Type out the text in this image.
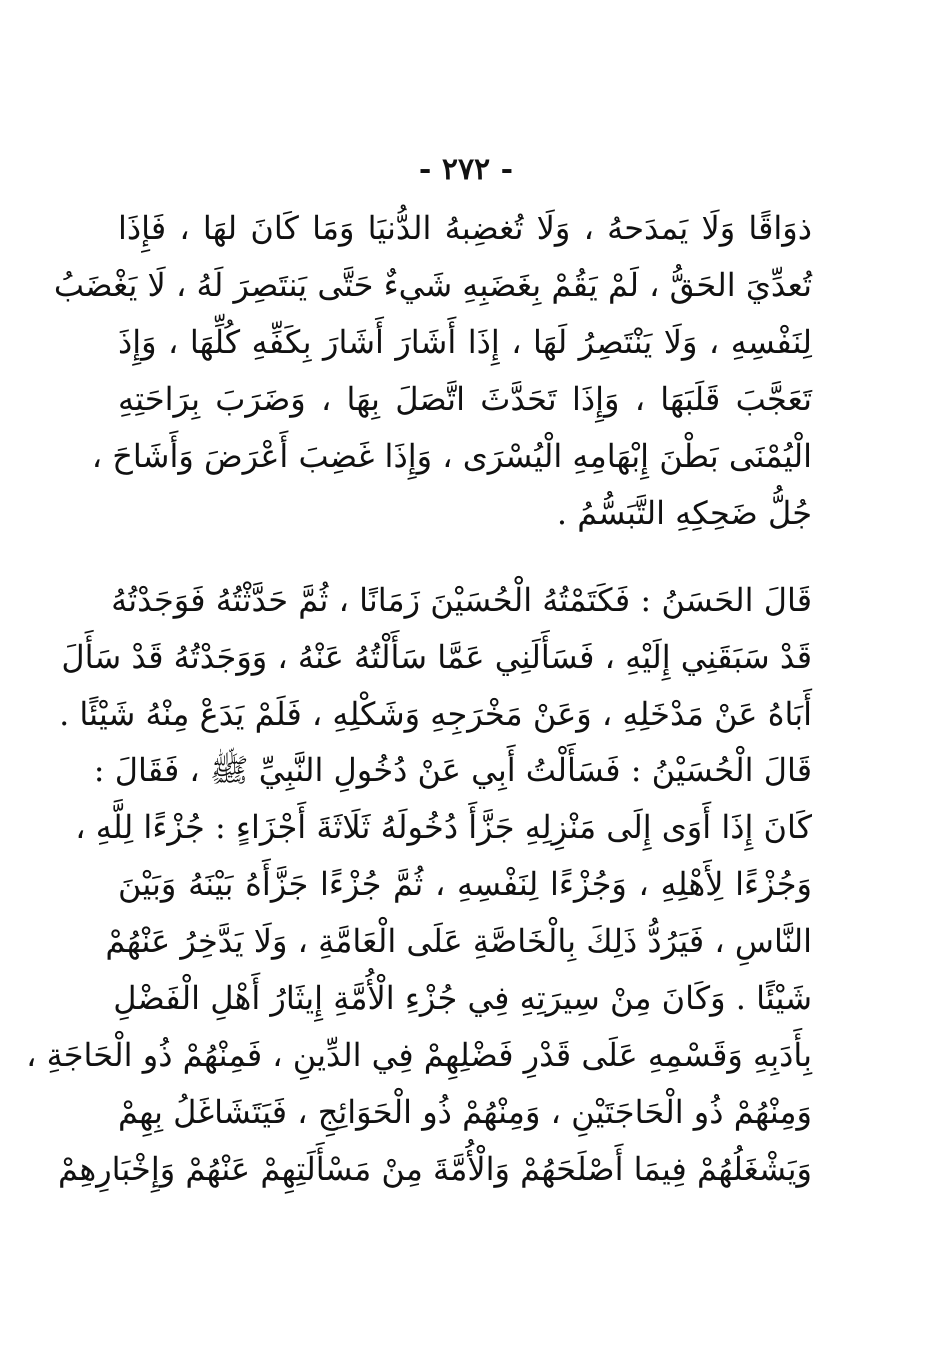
- ٢٧٢ -
ذوَاقًا وَلَا يَمدَحهُ ، وَلَا تُغضِبهُ الدُّنيَا وَمَا كَانَ لهَا ، فَإِذَا
تُعدِّيَ الحَقُّ ، لَمْ يَقُمْ بِغَضَبِهِ شَيءٌ حَتَّى يَنتَصِرَ لَهُ ، لَا يَغْضَبُ
لِنَفْسِهِ ، وَلَا يَنْتَصِرُ لَهَا ، إِذَا أَشَارَ أَشَارَ بِكَفِّهِ كُلِّهَا ، وَإِذَ
تَعَجَّبَ قَلَبَهَا ، وَإِذَا تَحَدَّثَ اتَّصَلَ بِهَا ، وَضَرَبَ بِرَاحَتِهِ
الْيُمْنَى بَطْنَ إِبْهَامِهِ الْيُسْرَى ، وَإِذَا غَضِبَ أَعْرَضَ وَأَشَاحَ ،
جُلُّ ضَحِكِهِ التَّبَسُّمُ .
قَالَ الحَسَنُ : فَكَتَمْتُهُ الْحُسَيْنَ زَمَانًا ، ثُمَّ حَدَّثْتُهُ فَوَجَدْتُهُ
قَدْ سَبَقَنِي إِلَيْهِ ، فَسَأَلَنِي عَمَّا سَأَلْتُهُ عَنْهُ ، وَوَجَدْتُهُ قَدْ سَأَلَ
أَبَاهُ عَنْ مَدْخَلِهِ ، وَعَنْ مَخْرَجِهِ وَشَكْلِهِ ، فَلَمْ يَدَعْ مِنْهُ شَيْئًا .
قَالَ الْحُسَيْنُ : فَسَأَلْتُ أَبِي عَنْ دُخُولِ النَّبِيِّ ﷺ ، فَقَالَ :
كَانَ إِذَا أَوَى إِلَى مَنْزِلِهِ جَزَّأَ دُخُولَهُ ثَلَاثَةَ أَجْزَاءٍ : جُزْءًا لِلَّهِ ،
وَجُزْءًا لِأَهْلِهِ ، وَجُزْءًا لِنَفْسِهِ ، ثُمَّ جُزْءًا جَزَّأَهُ بَيْنَهُ وَبَيْنَ
النَّاسِ ، فَيَرُدُّ ذَلِكَ بِالْخَاصَّةِ عَلَى الْعَامَّةِ ، وَلَا يَدَّخِرُ عَنْهُمْ
شَيْئًا . وَكَانَ مِنْ سِيرَتِهِ فِي جُزْءِ الْأُمَّةِ إِيثَارُ أَهْلِ الْفَضْلِ
بِأَدَبِهِ وَقَسْمِهِ عَلَى قَدْرِ فَضْلِهِمْ فِي الدِّينِ ، فَمِنْهُمْ ذُو الْحَاجَةِ ،
وَمِنْهُمْ ذُو الْحَاجَتَيْنِ ، وَمِنْهُمْ ذُو الْحَوَائِجِ ، فَيَتَشَاغَلُ بِهِمْ
وَيَشْغَلُهُمْ فِيمَا أَصْلَحَهُمْ وَالْأُمَّةَ مِنْ مَسْأَلَتِهِمْ عَنْهُمْ وَإِخْبَارِهِمْ
